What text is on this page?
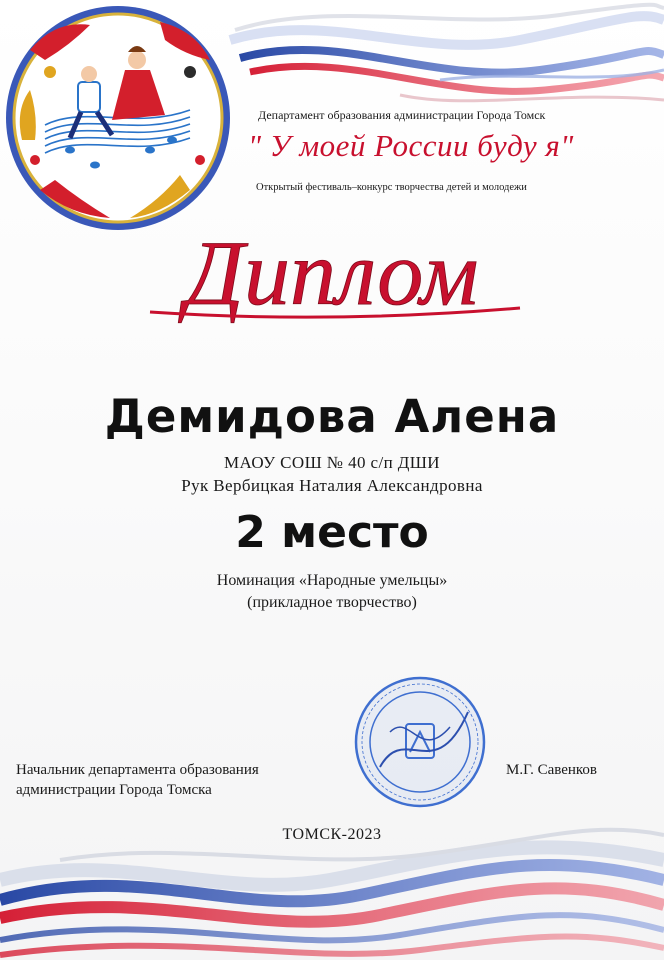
Департамент образования администрации Города Томск
" У моей России буду я"
Открытый фестиваль–конкурс творчества детей и молодежи
Диплом
Демидова Алена
МАОУ СОШ № 40 с/п ДШИ
Рук Вербицкая Наталия Александровна
2 место
Номинация «Народные умельцы»
(прикладное творчество)
Начальник департамента образования
администрации Города Томска
М.Г. Савенков
ТОМСК-2023
